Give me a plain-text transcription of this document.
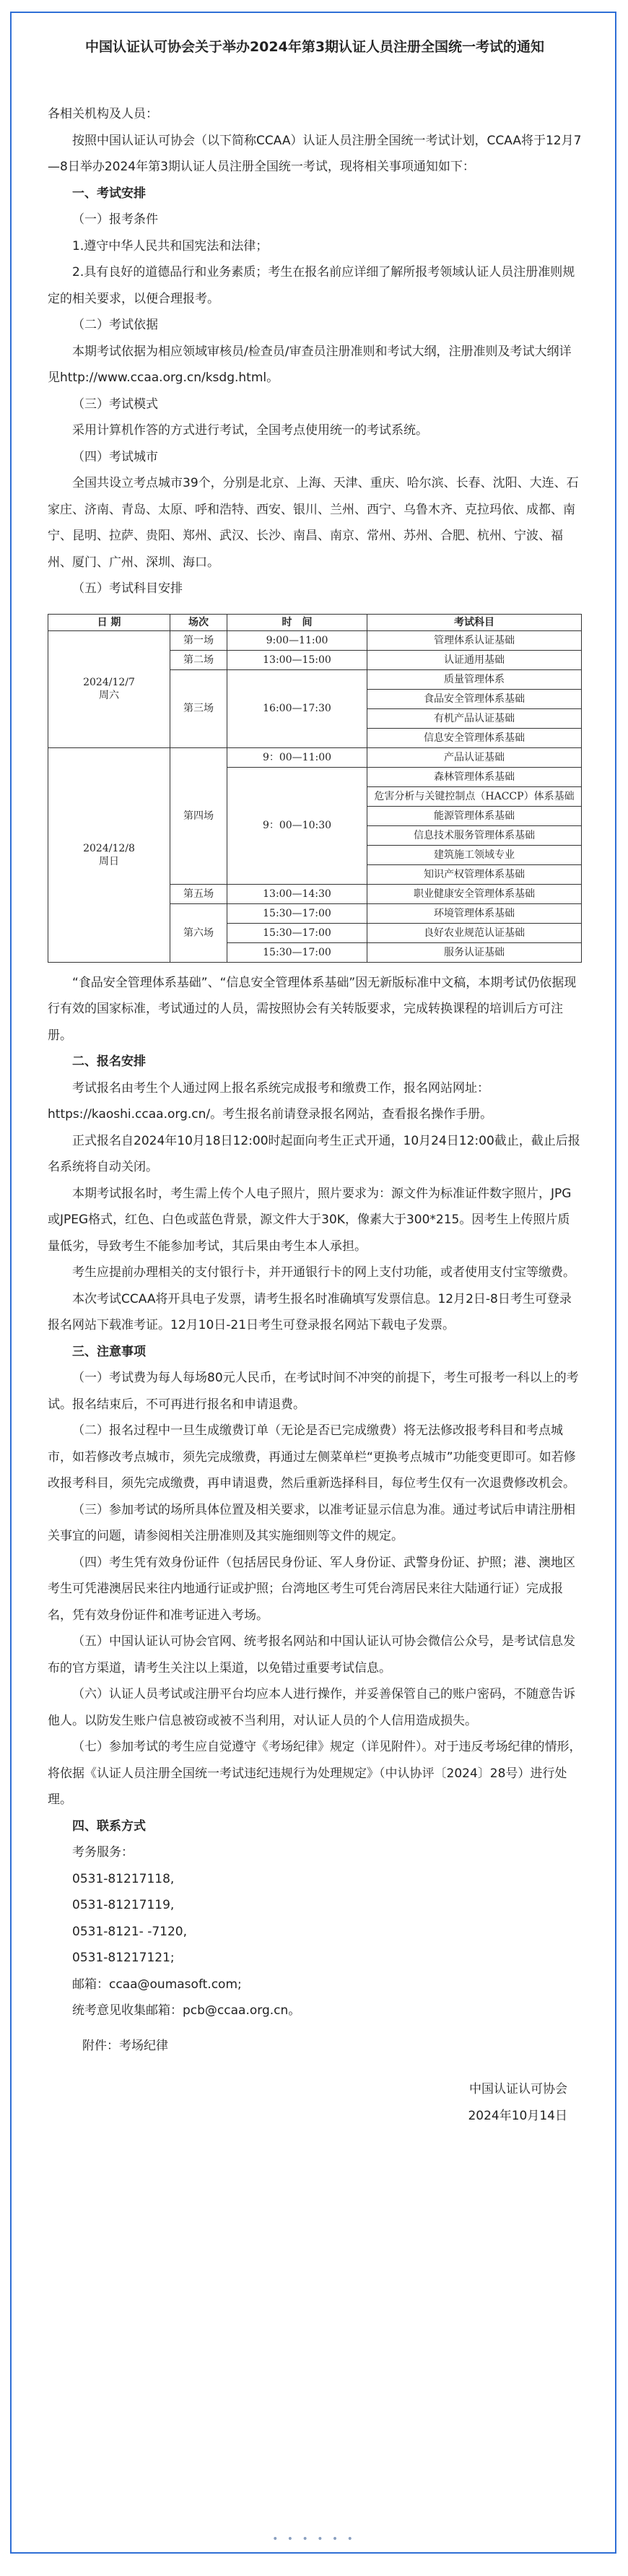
中国认证认可协会关于举办2024年第3期认证人员注册全国统一考试的通知

各相关机构及人员：

按照中国认证认可协会（以下简称CCAA）认证人员注册全国统一考试计划，CCAA将于12月7—8日举办2024年第3期认证人员注册全国统一考试，现将相关事项通知如下：

一、考试安排

（一）报考条件

1.遵守中华人民共和国宪法和法律；

2.具有良好的道德品行和业务素质；考生在报名前应详细了解所报考领域认证人员注册准则规定的相关要求，以便合理报考。

（二）考试依据

本期考试依据为相应领域审核员/检查员/审查员注册准则和考试大纲，注册准则及考试大纲详见http://www.ccaa.org.cn/ksdg.html。

（三）考试模式

采用计算机作答的方式进行考试，全国考点使用统一的考试系统。

（四）考试城市

全国共设立考点城市39个，分别是北京、上海、天津、重庆、哈尔滨、长春、沈阳、大连、石家庄、济南、青岛、太原、呼和浩特、西安、银川、兰州、西宁、乌鲁木齐、克拉玛依、成都、南宁、昆明、拉萨、贵阳、郑州、武汉、长沙、南昌、南京、常州、苏州、合肥、杭州、宁波、福州、厦门、广州、深圳、海口。

（五）考试科目安排

日 期	场次	时　间	考试科目
2024/12/7
周六	第一场	9:00—11:00	管理体系认证基础
	第二场	13:00—15:00	认证通用基础
	第三场	16:00—17:30	质量管理体系
			食品安全管理体系基础
			有机产品认证基础
			信息安全管理体系基础
2024/12/8
周日	第四场	9：00—11:00	产品认证基础
		9：00—10:30	森林管理体系基础
			危害分析与关键控制点（HACCP）体系基础

			能源管理体系基础
			信息技术服务管理体系基础
			建筑施工领域专业
			知识产权管理体系基础
	第五场	13:00—14:30	职业健康安全管理体系基础
	第六场	15:30—17:00	环境管理体系基础
		15:30—17:00	良好农业规范认证基础
		15:30—17:00	服务认证基础

“食品安全管理体系基础”、“信息安全管理体系基础”因无新版标准中文稿，本期考试仍依据现行有效的国家标准，考试通过的人员，需按照协会有关转版要求，完成转换课程的培训后方可注册。

二、报名安排

考试报名由考生个人通过网上报名系统完成报考和缴费工作，报名网站网址：https://kaoshi.ccaa.org.cn/。考生报名前请登录报名网站，查看报名操作手册。

正式报名自2024年10月18日12:00时起面向考生正式开通，10月24日12:00截止，截止后报名系统将自动关闭。

本期考试报名时，考生需上传个人电子照片，照片要求为：源文件为标准证件数字照片，JPG或JPEG格式，红色、白色或蓝色背景，源文件大于30K，像素大于300*215。因考生上传照片质量低劣，导致考生不能参加考试，其后果由考生本人承担。

考生应提前办理相关的支付银行卡，并开通银行卡的网上支付功能，或者使用支付宝等缴费。

本次考试CCAA将开具电子发票，请考生报名时准确填写发票信息。12月2日-8日考生可登录报名网站下载准考证。12月10日-21日考生可登录报名网站下载电子发票。

三、注意事项

（一）考试费为每人每场80元人民币，在考试时间不冲突的前提下，考生可报考一科以上的考试。报名结束后，不可再进行报名和申请退费。

（二）报名过程中一旦生成缴费订单（无论是否已完成缴费）将无法修改报考科目和考点城市，如若修改考点城市，须先完成缴费，再通过左侧菜单栏“更换考点城市”功能变更即可。如若修改报考科目，须先完成缴费，再申请退费，然后重新选择科目，每位考生仅有一次退费修改机会。

（三）参加考试的场所具体位置及相关要求，以准考证显示信息为准。通过考试后申请注册相关事宜的问题，请参阅相关注册准则及其实施细则等文件的规定。

（四）考生凭有效身份证件（包括居民身份证、军人身份证、武警身份证、护照；港、澳地区考生可凭港澳居民来往内地通行证或护照；台湾地区考生可凭台湾居民来往大陆通行证）完成报名，凭有效身份证件和准考证进入考场。

（五）中国认证认可协会官网、统考报名网站和中国认证认可协会微信公众号，是考试信息发布的官方渠道，请考生关注以上渠道，以免错过重要考试信息。

（六）认证人员考试或注册平台均应本人进行操作，并妥善保管自己的账户密码，不随意告诉他人。以防发生账户信息被窃或被不当利用，对认证人员的个人信用造成损失。

（七）参加考试的考生应自觉遵守《考场纪律》规定（详见附件）。对于违反考场纪律的情形，将依据《认证人员注册全国统一考试违纪违规行为处理规定》（中认协评〔2024〕28号）进行处理。

四、联系方式

考务服务：

0531-81217118,

0531-81217119,

0531-8121- -7120,

0531-81217121;

邮箱：ccaa@oumasoft.com;

统考意见收集邮箱：pcb@ccaa.org.cn。

附件：考场纪律

中国认证认可协会

2024年10月14日

• • • • • •
